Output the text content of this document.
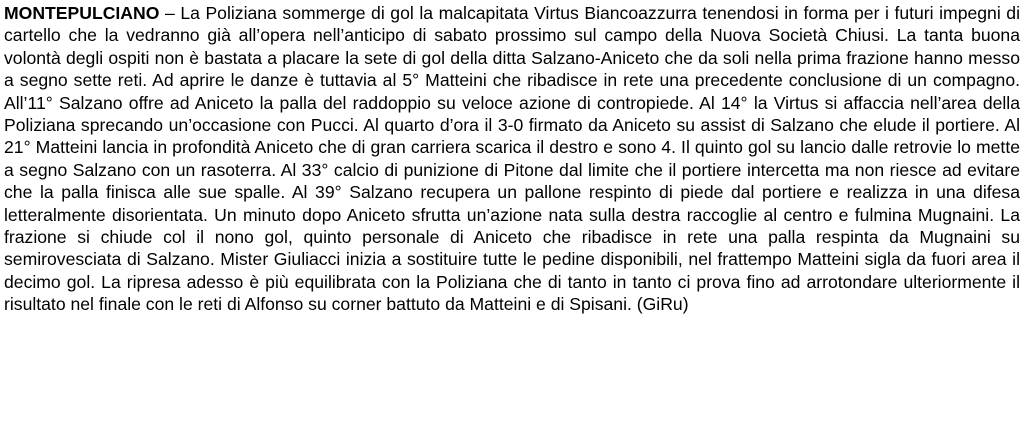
MONTEPULCIANO – La Poliziana sommerge di gol la malcapitata Virtus Biancoazzurra tenendosi in forma per i futuri impegni di cartello che la vedranno già all’opera nell’anticipo di sabato prossimo sul campo della Nuova Società Chiusi. La tanta buona volontà degli ospiti non è bastata a placare la sete di gol della ditta Salzano-Aniceto che da soli nella prima frazione hanno messo a segno sette reti. Ad aprire le danze è tuttavia al 5° Matteini che ribadisce in rete una precedente conclusione di un compagno. All’11° Salzano offre ad Aniceto la palla del raddoppio su veloce azione di contropiede. Al 14° la Virtus si affaccia nell’area della Poliziana sprecando un’occasione con Pucci. Al quarto d’ora il 3-0 firmato da Aniceto su assist di Salzano che elude il portiere. Al 21° Matteini lancia in profondità Aniceto che di gran carriera scarica il destro e sono 4. Il quinto gol su lancio dalle retrovie lo mette a segno Salzano con un rasoterra. Al 33° calcio di punizione di Pitone dal limite che il portiere intercetta ma non riesce ad evitare che la palla finisca alle sue spalle. Al 39° Salzano recupera un pallone respinto di piede dal portiere e realizza in una difesa letteralmente disorientata. Un minuto dopo Aniceto sfrutta un’azione nata sulla destra raccoglie al centro e fulmina Mugnaini. La frazione si chiude col il nono gol, quinto personale di Aniceto che ribadisce in rete una palla respinta da Mugnaini su semirovesciata di Salzano. Mister Giuliacci inizia a sostituire tutte le pedine disponibili, nel frattempo Matteini sigla da fuori area il decimo gol. La ripresa adesso è più equilibrata con la Poliziana che di tanto in tanto ci prova fino ad arrotondare ulteriormente il risultato nel finale con le reti di Alfonso su corner battuto da Matteini e di Spisani. (GiRu)
